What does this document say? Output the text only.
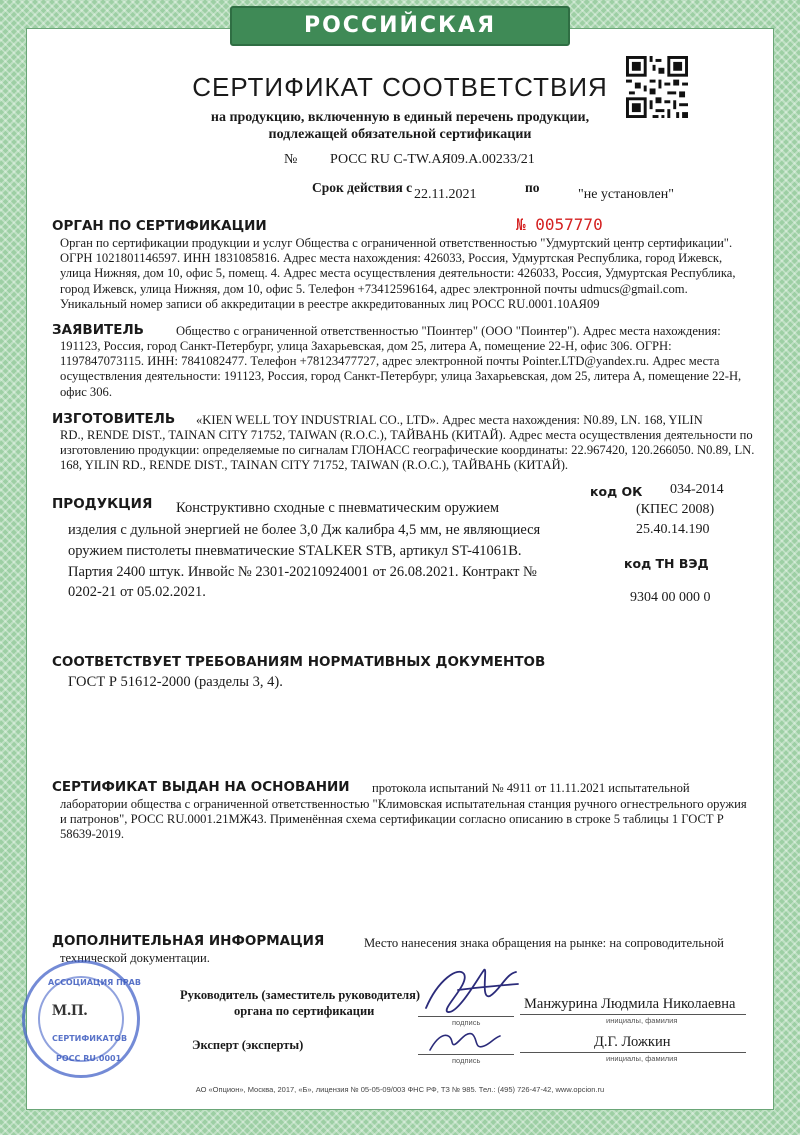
РОССИЙСКАЯ ФЕДЕРАЦИЯ
СЕРТИФИКАТ СООТВЕТСТВИЯ
на продукцию, включенную в единый перечень продукции,
подлежащей обязательной сертификации
№ РОСС RU C-TW.АЯ09.А.00233/21
Срок действия с 22.11.2021	по	"не установлен"
ОРГАН ПО СЕРТИФИКАЦИИ	№ 0057770
Орган по сертификации продукции и услуг Общества с ограниченной ответственностью "Удмуртский центр сертификации". ОГРН 1021801146597. ИНН 1831085816. Адрес места нахождения: 426033, Россия, Удмуртская Республика, город Ижевск, улица Нижняя, дом 10, офис 5, помещ. 4. Адрес места осуществления деятельности: 426033, Россия, Удмуртская Республика, город Ижевск, улица Нижняя, дом 10, офис 5. Телефон +73412596164, адрес электронной почты udmucs@gmail.com. Уникальный номер записи об аккредитации в реестре аккредитованных лиц РОСС RU.0001.10АЯ09
ЗАЯВИТЕЛЬ	Общество с ограниченной ответственностью "Поинтер" (ООО "Поинтер"). Адрес места нахождения:
191123, Россия, город Санкт-Петербург, улица Захарьевская, дом 25, литера А, помещение 22-Н, офис 306. ОГРН: 1197847073115. ИНН: 7841082477. Телефон +78123477727, адрес электронной почты Pointer.LTD@yandex.ru. Адрес места осуществления деятельности: 191123, Россия, город Санкт-Петербург, улица Захарьевская, дом 25, литера А, помещение 22-Н, офис 306.
ИЗГОТОВИТЕЛЬ «KIEN WELL TOY INDUSTRIAL CO., LTD». Адрес места нахождения: N0.89, LN. 168, YILIN
RD., RENDE DIST., TAINAN CITY 71752, TAIWAN (R.O.C.), ТАЙВАНЬ (КИТАЙ). Адрес места осуществления деятельности по изготовлению продукции: определяемые по сигналам ГЛОНАСС географические координаты: 22.967420, 120.266050. N0.89, LN. 168, YILIN RD., RENDE DIST., TAINAN CITY 71752, TAIWAN (R.O.C.), ТАЙВАНЬ (КИТАЙ).
код ОК 034-2014
ПРОДУКЦИЯ Конструктивно сходные с пневматическим оружием
изделия с дульной энергией не более 3,0 Дж калибра 4,5 мм, не являющиеся
оружием пистолеты пневматические STALKER STB, артикул ST-41061B.
Партия 2400 штук. Инвойс № 2301-20210924001 от 26.08.2021. Контракт №
0202-21 от 05.02.2021.
(КПЕС 2008)
25.40.14.190
код ТН ВЭД
9304 00 000 0
СООТВЕТСТВУЕТ ТРЕБОВАНИЯМ НОРМАТИВНЫХ ДОКУМЕНТОВ
ГОСТ Р 51612-2000 (разделы 3, 4).
СЕРТИФИКАТ ВЫДАН НА ОСНОВАНИИ протокола испытаний № 4911 от 11.11.2021 испытательной
лаборатории общества с ограниченной ответственностью "Климовская испытательная станция ручного огнестрельного оружия и патронов", РОСС RU.0001.21МЖ43. Применённая схема сертификации согласно описанию в строке 5 таблицы 1 ГОСТ Р 58639-2019.
ДОПОЛНИТЕЛЬНАЯ ИНФОРМАЦИЯ	Место нанесения знака обращения на рынке: на сопроводительной
технической документации.
Руководитель (заместитель руководителя)
органа по сертификации
подпись
Манжурина Людмила Николаевна
инициалы, фамилия
Эксперт (эксперты)
подпись
Д.Г. Ложкин
инициалы, фамилия
АССОЦИАЦИЯ ПРАВ
СЕРТИФИКАТОВ
РОСС RU.0001
М.П.
АО «Опцион», Москва, 2017, «Б», лицензия № 05-05-09/003 ФНС РФ, ТЗ № 985. Тел.: (495) 726-47-42, www.opcion.ru
